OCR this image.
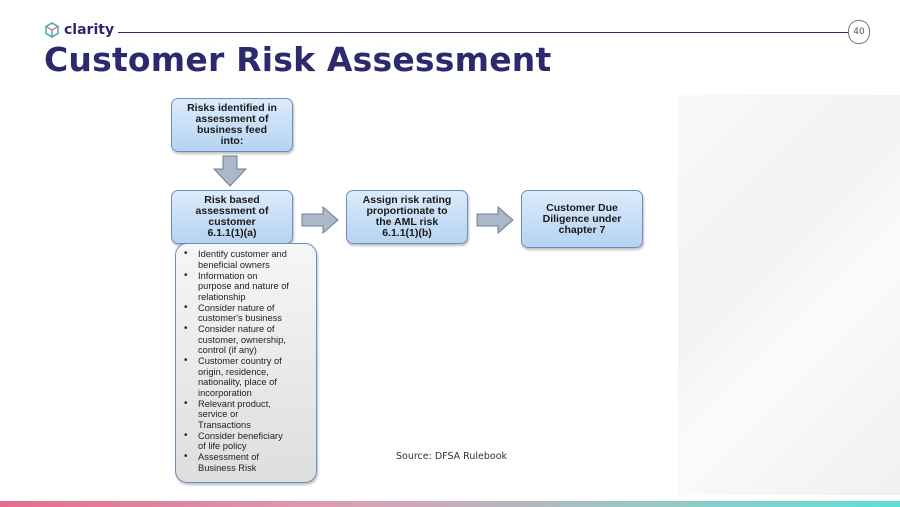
clarity	40
Customer Risk Assessment
Risks identified in
assessment of
business feed
into:
Risk based
assessment of
customer
6.1.1(1)(a)
Assign risk rating
proportionate to
the AML risk
6.1.1(1)(b)
Customer Due
Diligence under
chapter 7
• Identify customer and
beneficial owners
• Information on
purpose and nature of
relationship
• Consider nature of
customer's business
• Consider nature of
customer, ownership,
control (if any)
• Customer country of
origin, residence,
nationality, place of
incorporation
• Relevant product,
service or
Transactions
• Consider beneficiary
of life policy
• Assessment of
Business Risk
Source: DFSA Rulebook
